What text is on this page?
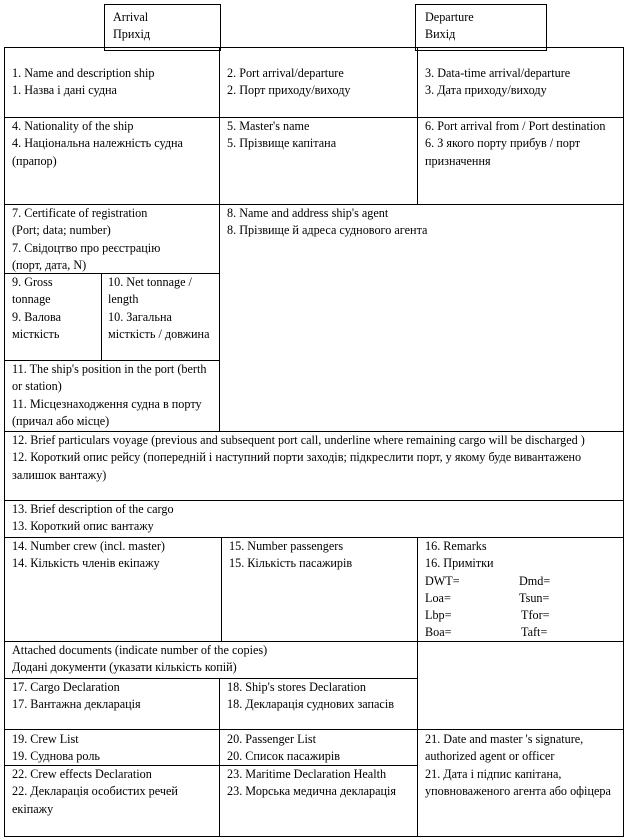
Arrival
Прихід
Departure
Вихід
1. Name and description ship
1. Назва і дані судна
2. Port arrival/departure
2. Порт приходу/виходу
3. Data-time arrival/departure
3. Дата приходу/виходу
4. Nationality of the ship
4. Національна належність судна
(прапор)
5. Master's name
5. Прізвище капітана
6. Port arrival from / Port destination
6. З якого порту прибув / порт призначення
7. Certificate of registration
(Port; data; number)
7. Свідоцтво про реєстрацію
(порт, дата, N)
8. Name and address ship's agent
8. Прізвище й адреса суднового агента
9. Gross tonnage
9. Валова місткість
10. Net tonnage / length
10. Загальна місткість / довжина
11. The ship's position in the port (berth or station)
11. Місцезнаходження судна в порту (причал або місце)
12. Brief particulars voyage (previous and subsequent port call, underline where remaining cargo will be discharged )
12. Короткий опис рейсу (попередній і наступний порти заходів; підкреслити порт, у якому буде вивантажено залишок вантажу)
13. Brief description of the cargo
13. Короткий опис вантажу
14. Number crew (incl. master)
14. Кількість членів екіпажу
15. Number passengers
15. Кількість пасажирів
16. Remarks
16. Примітки
DWT=	Dmd=
Loa=	Tsun=
Lbp=	Tfor=
Boa=	Taft=
Attached documents (indicate number of the copies)
Додані документи (указати кількість копій)
17. Cargo Declaration
17. Вантажна декларація
18. Ship's stores Declaration
18. Декларація суднових запасів
19. Crew List
19. Суднова роль
20. Passenger List
20. Список пасажирів
21. Date and master 's signature, authorized agent or officer
21. Дата і підпис капітана, уповноваженого агента або офіцера
22. Crew effects Declaration
22. Декларація особистих речей екіпажу
23. Maritime Declaration Health
23. Морська медична декларація
